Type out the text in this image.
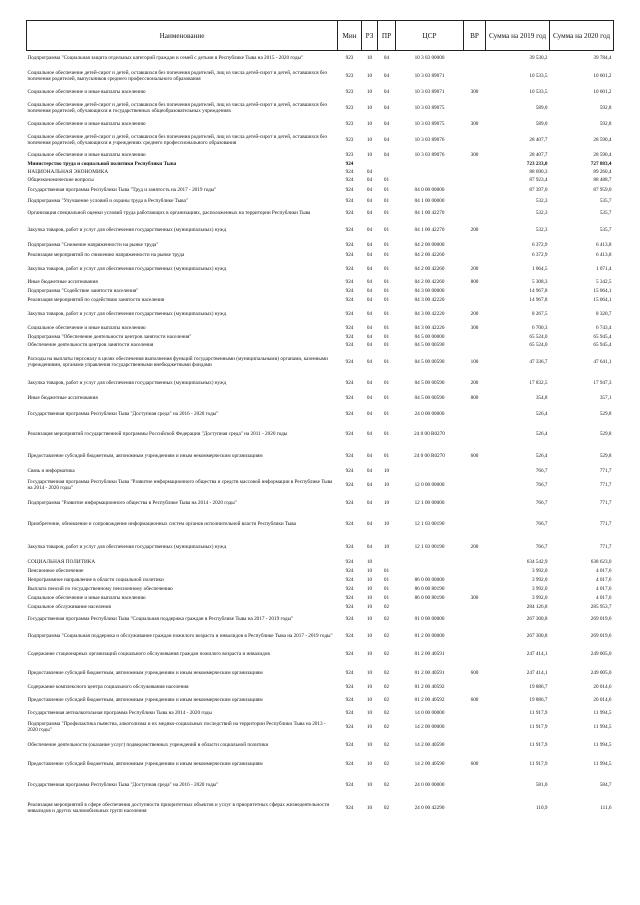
Наименование	Мин	РЗ	ПР	ЦСР	ВР	Сумма на 2019 год	Сумма на 2020 год
Подпрограмма "Социальная защита отдельных категорий граждан и семей с детьми в Республике Тыва на 2015 - 2020 годы"	923	10	04	10 3 03 00000		39 530,2	39 784,4
Социальное обеспечение детей-сирот и детей, оставшихся без попечения родителей, лиц из числа детей-сирот и детей, оставшихся без попечения родителей, выпускников среднего профессионального образования	923	10	04	10 3 03 89071		10 533,5	10 601,2
Социальное обеспечение и иные выплаты населению	923	10	04	10 3 03 89071	300	10 533,5	10 601,2
Социальное обеспечение детей-сирот и детей, оставшихся без попечения родителей, лиц из числа детей-сирот и детей, оставшихся без попечения родителей, обучающихся в государственных общеобразовательных учреждениях	923	10	04	10 3 03 89075		589,0	592,8
Социальное обеспечение и иные выплаты населению	923	10	04	10 3 03 89075	300	589,0	592,8
Социальное обеспечение детей-сирот и детей, оставшихся без попечения родителей, лиц из числа детей-сирот и детей, оставшихся без попечения родителей, обучающихся в учреждениях среднего профессионального образования	923	10	04	10 3 03 89076		28 407,7	28 590,4
Социальное обеспечение и иные выплаты населению	923	10	04	10 3 03 89076	300	28 407,7	28 590,4
Министерство труда и социальной политики Республики Тыва	924					723 233,0	727 883,4
НАЦИОНАЛЬНАЯ ЭКОНОМИКА	924	04				88 690,3	89 260,4
Общеэкономические вопросы	924	04	01			87 923,4	88 488,7
Государственная программа Республики Тыва "Труд и занятость на 2017 - 2019 годы"	924	04	01	04 0 00 00000		87 397,0	87 959,0
Подпрограмма "Улучшение условий и охраны труда в Республике Тыва"	924	04	01	04 1 00 00000		532,3	535,7
Организация специальной оценки условий труда работающих в организациях, расположенных на территории Республики Тыва	924	04	01	04 1 00 42270		532,3	535,7
Закупка товаров, работ и услуг для обеспечения государственных (муниципальных) нужд	924	04	01	04 1 00 42270	200	532,3	535,7
Подпрограмма "Снижение напряженности на рынке труда"	924	04	01	04 2 00 00000		6 372,9	6 413,8
Реализация мероприятий по снижению напряженности на рынке труда	924	04	01	04 2 00 42260		6 372,9	6 413,8
Закупка товаров, работ и услуг для обеспечения государственных (муниципальных) нужд	924	04	01	04 2 00 42260	200	1 064,5	1 071,4
Иные бюджетные ассигнования	924	04	01	04 2 00 42260	800	5 308,3	5 342,5
Подпрограмма "Содействие занятости населения"	924	04	01	04 3 00 00000		14 967,8	15 064,1
Реализация мероприятий по содействию занятости населения	924	04	01	04 3 00 42220		14 967,8	15 064,1
Закупка товаров, работ и услуг для обеспечения государственных (муниципальных) нужд	924	04	01	04 3 00 42220	200	8 267,5	8 320,7
Социальное обеспечение и иные выплаты населению	924	04	01	04 3 00 42220	300	6 700,3	6 743,4
Подпрограмма "Обеспечение деятельности центров занятости населения"	924	04	01	04 5 00 00000		65 524,0	65 945,4
Обеспечение деятельности центров занятости населения	924	04	01	04 5 00 00590		65 524,0	65 945,4
Расходы на выплаты персоналу в целях обеспечения выполнения функций государственными (муниципальными) органами, казенными учреждениями, органами управления государственными внебюджетными фондами	924	04	01	04 5 00 00590	100	47 336,7	47 641,1
Закупка товаров, работ и услуг для обеспечения государственных (муниципальных) нужд	924	04	01	04 5 00 00590	200	17 832,5	17 947,3
Иные бюджетные ассигнования	924	04	01	04 5 00 00590	800	354,8	357,1
Государственная программа Республики Тыва "Доступная среда" на 2016 - 2020 годы"	924	04	01	24 0 00 00000		526,4	529,8
Реализация мероприятий государственной программы Российской Федерации "Доступная среда" на 2011 - 2020 годы	924	04	01	24 0 00 R0270		526,4	529,8
Предоставление субсидий бюджетным, автономным учреждениям и иным некоммерческим организациям	924	04	01	24 0 00 R0270	600	526,4	529,8
Связь и информатика	924	04	10			766,7	771,7
Государственная программа Республики Тыва "Развитие информационного общества и средств массовой информации в Республике Тыва на 2014 - 2020 годы"	924	04	10	12 0 00 00000		766,7	771,7
Подпрограмма "Развитие информационного общества в Республике Тыва на 2014 - 2020 годы"	924	04	10	12 1 00 00000		766,7	771,7
Приобретение, обновление и сопровождение информационных систем органов исполнительной власти Республики Тыва	924	04	10	12 1 03 00190		766,7	771,7
Закупка товаров, работ и услуг для обеспечения государственных (муниципальных) нужд	924	04	10	12 1 03 00190	200	766,7	771,7
СОЦИАЛЬНАЯ ПОЛИТИКА	924	10				634 542,9	638 623,0
Пенсионное обеспечение	924	10	01			3 992,0	4 017,6
Непрограммное направление в области социальной политики	924	10	01	86 0 00 00000		3 992,0	4 017,6
Выплата пенсий по государственному пенсионному обеспечению	924	10	01	86 0 00 80190		3 992,0	4 017,6
Социальное обеспечение и иные выплаты населению	924	10	01	86 0 00 80190	300	3 992,0	4 017,6
Социальное обслуживание населения	924	10	02			284 126,8	285 953,7
Государственная программа Республики Тыва "Социальная поддержка граждан в Республике Тыва на 2017 - 2019 годы"	924	10	02	01 0 00 00000		267 300,8	269 019,6
Подпрограмма "Социальная поддержка и обслуживание граждан пожилого возраста и инвалидов в Республике Тыва на 2017 - 2019 годы"	924	10	02	01 2 00 00000		267 300,8	269 019,6
Содержание стационарных организаций социального обслуживания граждан пожилого возраста и инвалидов	924	10	02	01 2 00 40591		247 414,1	249 005,0
Предоставление субсидий бюджетным, автономным учреждениям и иным некоммерческим организациям	924	10	02	01 2 00 40591	600	247 414,1	249 005,0
Содержание комплексного центра социального обслуживания населения	924	10	02	01 2 00 40592		19 886,7	20 014,6
Предоставление субсидий бюджетным, автономным учреждениям и иным некоммерческим организациям	924	10	02	01 2 00 40592	600	19 886,7	20 014,6
Государственная антиалкогольная программа Республики Тыва на 2014 - 2020 годы	924	10	02	14 0 00 00000		11 917,9	11 994,5
Подпрограмма "Профилактика пьянства, алкоголизма и их медико-социальных последствий на территории Республики Тыва на 2013 - 2020 годы"	924	10	02	14 2 00 00000		11 917,9	11 994,5
Обеспечение деятельности (оказание услуг) подведомственных учреждений в области социальной политики	924	10	02	14 2 00 40590		11 917,9	11 994,5
Предоставление субсидий бюджетным, автономным учреждениям и иным некоммерческим организациям	924	10	02	14 2 00 40590	600	11 917,9	11 994,5
Государственная программа Республики Тыва "Доступная среда" на 2016 - 2020 годы"	924	10	02	24 0 00 00000		581,0	584,7
Реализация мероприятий в сфере обеспечения доступности приоритетных объектов и услуг в приоритетных сферах жизнедеятельности инвалидов и других маломобильных групп населения	924	10	02	24 0 00 42290		110,9	111,6
